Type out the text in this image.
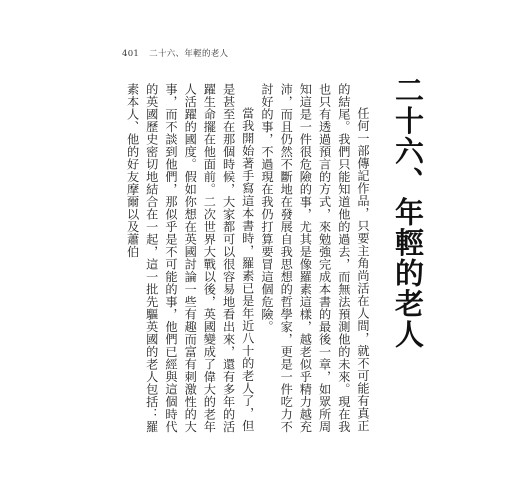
401 二十六、年輕的老人
二十六、年輕的老人

任何一部傳記作品，只要主角尚活在人間，就不可能有真正的結尾。我們只能知道他的過去，而無法預測他的未來。現在我也只有透過預言的方式，來勉強完成本書的最後一章，如眾所周知這是一件很危險的事，尤其是像羅素這樣，越老似乎精力越充沛，而且仍然不斷地在發展自我思想的哲學家，更是一件吃力不討好的事，不過現在我仍打算要冒這個危險。

當我開始著手寫這本書時，羅素已是年近八十的老人了，但是甚至在那個時候，大家都可以很容易地看出來，還有多年的活躍生命擺在他面前。二次世界大戰以後，英國變成了偉大的老年人活躍的國度。假如你想在英國討論一些有趣而富有刺激性的大事，而不談到他們，那似乎是不可能的事，他們已經與這個時代的英國歷史密切地結合在一起，這一批先驅英國的老人包括：羅素本人、他的好友摩爾以及蕭伯
